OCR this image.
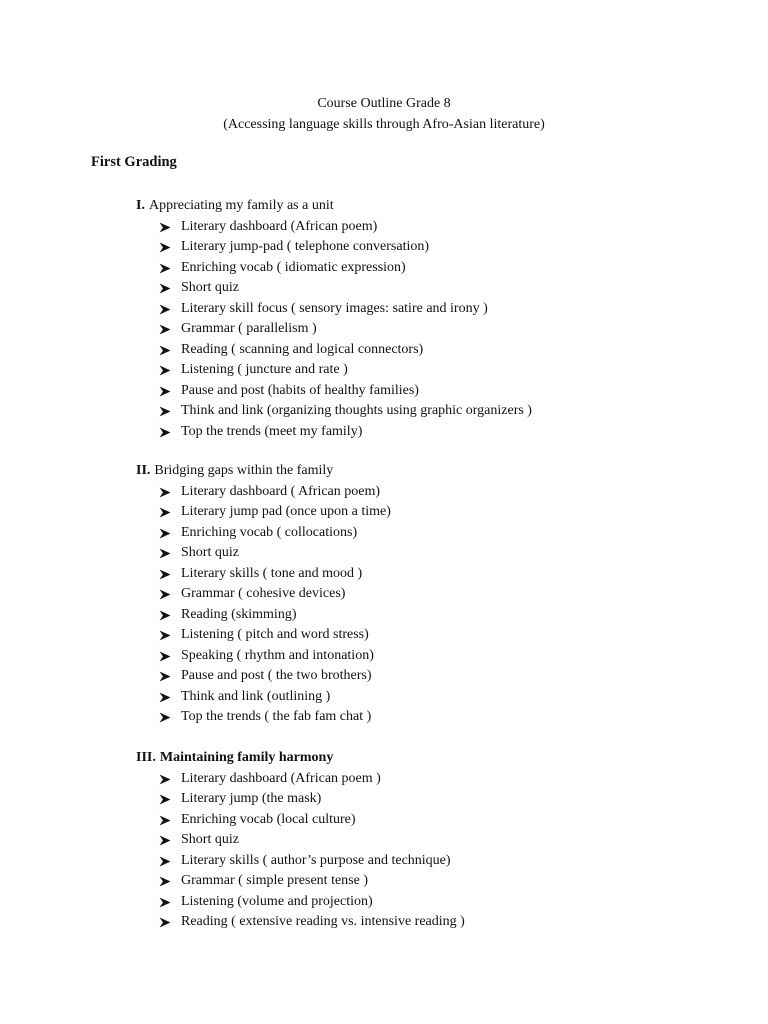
Course Outline Grade 8
(Accessing language skills through Afro-Asian literature)
First Grading
I. Appreciating my family as a unit
Literary dashboard (African poem)
Literary jump-pad ( telephone conversation)
Enriching vocab ( idiomatic expression)
Short quiz
Literary skill focus ( sensory images: satire and irony )
Grammar ( parallelism )
Reading ( scanning and logical connectors)
Listening ( juncture and rate )
Pause and post (habits of healthy families)
Think and link (organizing thoughts using graphic organizers )
Top the trends (meet my family)
II. Bridging gaps within the family
Literary dashboard ( African poem)
Literary jump pad (once upon a time)
Enriching vocab ( collocations)
Short quiz
Literary skills ( tone and mood )
Grammar ( cohesive devices)
Reading (skimming)
Listening ( pitch and word stress)
Speaking ( rhythm and intonation)
Pause and post ( the two brothers)
Think and link (outlining )
Top the trends ( the fab fam chat )
III. Maintaining family harmony
Literary dashboard (African poem )
Literary jump (the mask)
Enriching vocab (local culture)
Short quiz
Literary skills ( author’s purpose and technique)
Grammar ( simple present tense )
Listening (volume and projection)
Reading ( extensive reading vs. intensive reading )
